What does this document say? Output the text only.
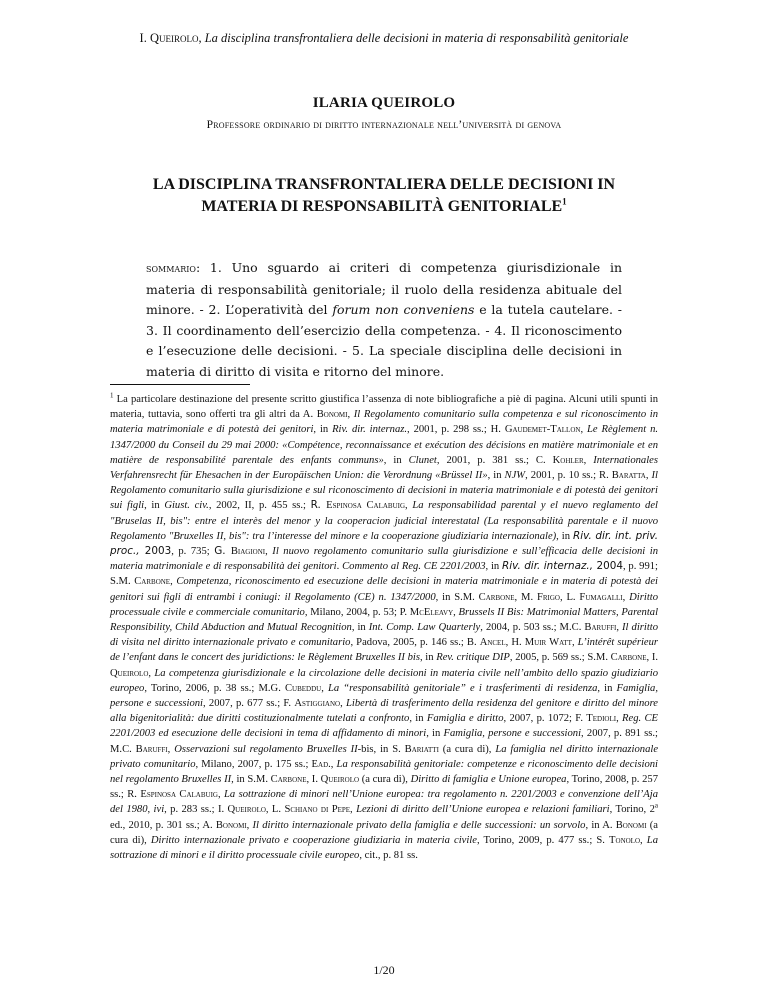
I. Queirolo, La disciplina transfrontaliera delle decisioni in materia di responsabilità genitoriale
ILARIA QUEIROLO
Professore ordinario di diritto internazionale nell’università di genova
LA DISCIPLINA TRANSFRONTALIERA DELLE DECISIONI IN
MATERIA DI RESPONSABILITÀ GENITORIALE$^1$
sommario: 1. Uno sguardo ai criteri di competenza giurisdizionale in materia di responsabilità genitoriale; il ruolo della residenza abituale del minore. - 2. L’operatività del forum non conveniens e la tutela cautelare. - 3. Il coordinamento dell’esercizio della competenza. - 4. Il riconoscimento e l’esecuzione delle decisioni. - 5. La speciale disciplina delle decisioni in materia di diritto di visita e ritorno del minore.
$^1$ La particolare destinazione del presente scritto giustifica l’assenza di note bibliografiche a piè di pagina. Alcuni utili spunti in materia, tuttavia, sono offerti tra gli altri da A. Bonomi, Il Regolamento comunitario sulla competenza e sul riconoscimento in materia matrimoniale e di potestà dei genitori, in Riv. dir. internaz., 2001, p. 298 ss.; H. Gaudemet-Tallon, Le Règlement n. 1347/2000 du Conseil du 29 mai 2000: «Compétence, reconnaissance et exécution des décisions en matière matrimoniale et en matière de responsabilité parentale des enfants communs», in Clunet, 2001, p. 381 ss.; C. Kohler, Internationales Verfahrensrecht für Ehesachen in der Europäischen Union: die Verordnung «Brüssel II», in NJW, 2001, p. 10 ss.; R. Baratta, Il Regolamento comunitario sulla giurisdizione e sul riconoscimento di decisioni in materia matrimoniale e di potestà dei genitori sui figli, in Giust. civ., 2002, II, p. 455 ss.; R. Espinosa Calabuig, La responsabilidad parental y el nuevo reglamento del "Bruselas II, bis": entre el interès del menor y la cooperacion judicial interestatal (La responsabilità parentale e il nuovo Regolamento "Bruxelles II, bis": tra l’interesse del minore e la cooperazione giudiziaria internazionale), in Riv. dir. int. priv. proc., 2003, p. 735; G. Biagioni, Il nuovo regolamento comunitario sulla giurisdizione e sull’efficacia delle decisioni in materia matrimoniale e di responsabilità dei genitori. Commento al Reg. CE 2201/2003, in Riv. dir. internaz., 2004, p. 991; S.M. Carbone, Competenza, riconoscimento ed esecuzione delle decisioni in materia matrimoniale e in materia di potestà dei genitori sui figli di entrambi i coniugi: il Regolamento (CE) n. 1347/2000, in S.M. Carbone, M. Frigo, L. Fumagalli, Diritto processuale civile e commerciale comunitario, Milano, 2004, p. 53; P. McEleavy, Brussels II Bis: Matrimonial Matters, Parental Responsibility, Child Abduction and Mutual Recognition, in Int. Comp. Law Quarterly, 2004, p. 503 ss.; M.C. Baruffi, Il diritto di visita nel diritto internazionale privato e comunitario, Padova, 2005, p. 146 ss.; B. Ancel, H. Muir Watt, L’intérêt supérieur de l’enfant dans le concert des juridictions: le Règlement Bruxelles II bis, in Rev. critique DIP, 2005, p. 569 ss.; S.M. Carbone, I. Queirolo, La competenza giurisdizionale e la circolazione delle decisioni in materia civile nell’ambito dello spazio giudiziario europeo, Torino, 2006, p. 38 ss.; M.G. Cubeddu, La “responsabilità genitoriale” e i trasferimenti di residenza, in Famiglia, persone e successioni, 2007, p. 677 ss.; F. Astiggiano, Libertà di trasferimento della residenza del genitore e diritto del minore alla bigenitorialità: due diritti costituzionalmente tutelati a confronto, in Famiglia e diritto, 2007, p. 1072; F. Tedioli, Reg. CE 2201/2003 ed esecuzione delle decisioni in tema di affidamento di minori, in Famiglia, persone e successioni, 2007, p. 891 ss.; M.C. Baruffi, Osservazioni sul regolamento Bruxelles II-bis, in S. Bariatti (a cura di), La famiglia nel diritto internazionale privato comunitario, Milano, 2007, p. 175 ss.; Ead., La responsabilità genitoriale: competenze e riconoscimento delle decisioni nel regolamento Bruxelles II, in S.M. Carbone, I. Queirolo (a cura di), Diritto di famiglia e Unione europea, Torino, 2008, p. 257 ss.; R. Espinosa Calabuig, La sottrazione di minori nell’Unione europea: tra regolamento n. 2201/2003 e convenzione dell’Aja del 1980, ivi, p. 283 ss.; I. Queirolo, L. Schiano di Pepe, Lezioni di diritto dell’Unione europea e relazioni familiari, Torino, 2$^a$ ed., 2010, p. 301 ss.; A. Bonomi, Il diritto internazionale privato della famiglia e delle successioni: un sorvolo, in A. Bonomi (a cura di), Diritto internazionale privato e cooperazione giudiziaria in materia civile, Torino, 2009, p. 477 ss.; S. Tonolo, La sottrazione di minori e il diritto processuale civile europeo, cit., p. 81 ss.
1/20
